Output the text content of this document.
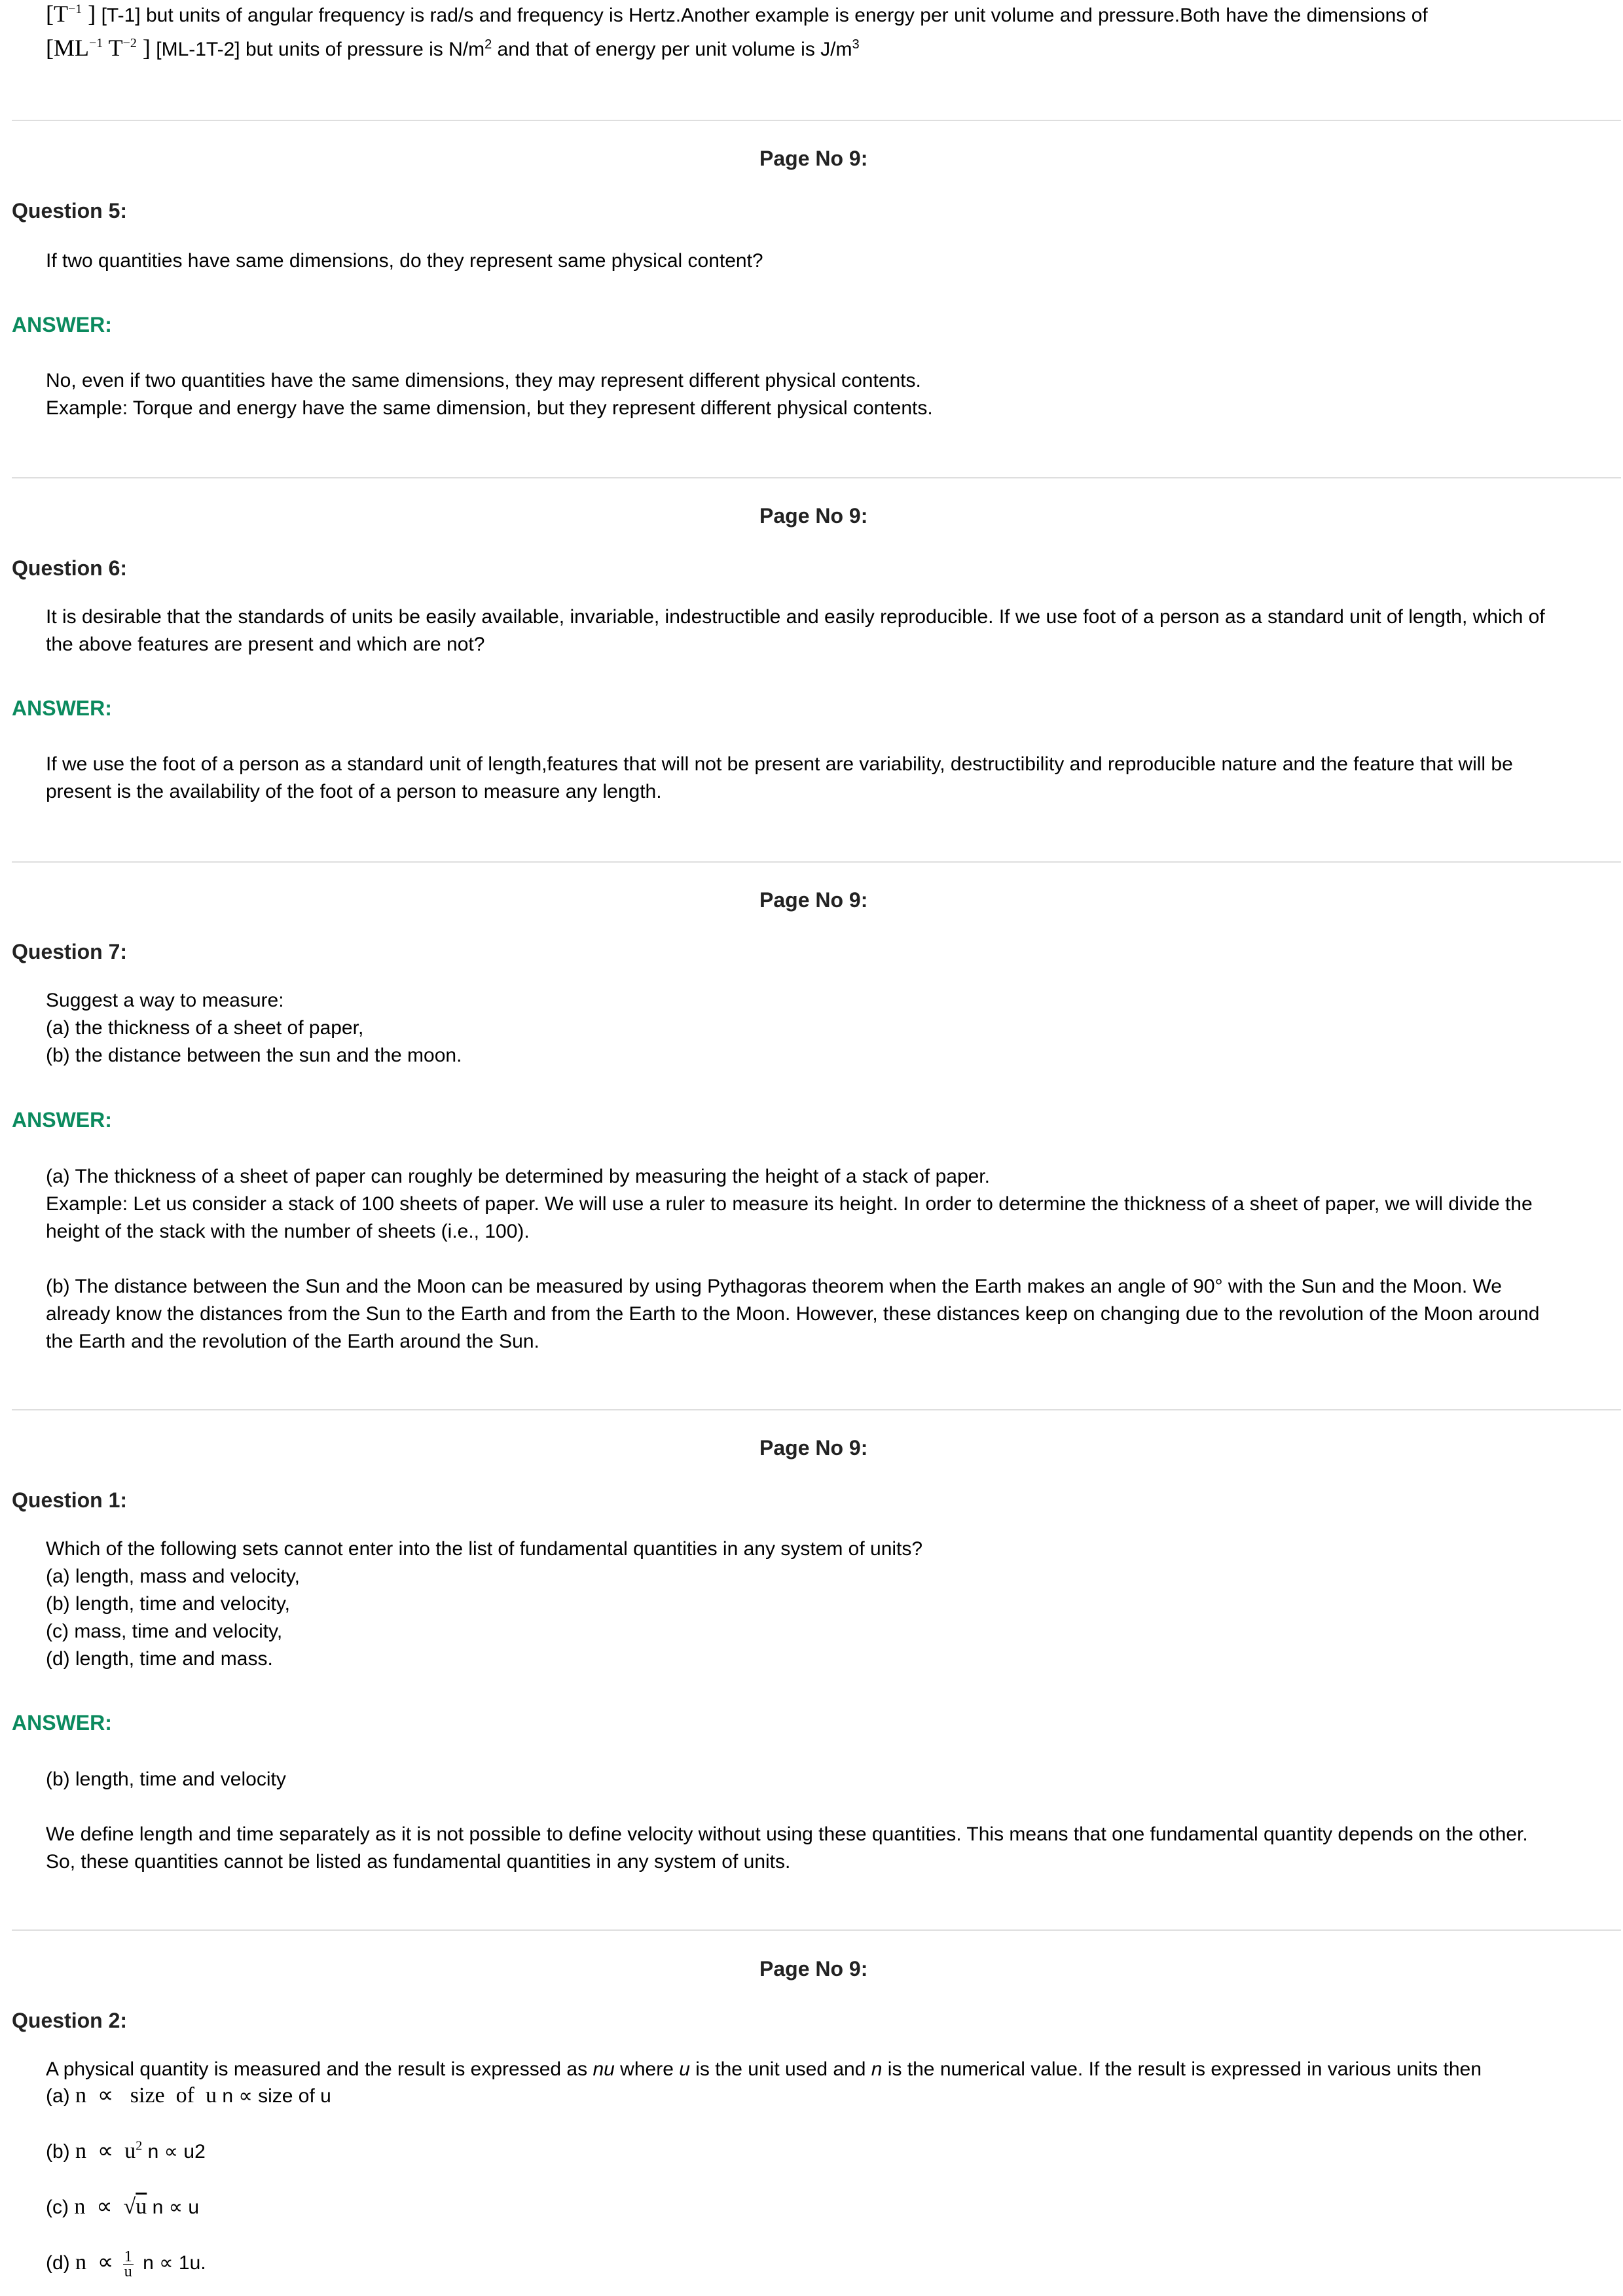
[$T^{-1}$ ] [T-1] but units of angular frequency is rad/s and frequency is Hertz.Another example is energy per unit volume and pressure.Both have the dimensions of
[$ML^{-1}$ $T^{-2}$ ] [ML-1T-2] but units of pressure is $N/m^2$ and that of energy per unit volume is $J/m^3$
Page No 9:
Question 5:
If two quantities have same dimensions, do they represent same physical content?
ANSWER:
No, even if two quantities have the same dimensions, they may represent different physical contents.
Example: Torque and energy have the same dimension, but they represent different physical contents.
Page No 9:
Question 6:
It is desirable that the standards of units be easily available, invariable, indestructible and easily reproducible. If we use foot of a person as a standard unit of length, which of
the above features are present and which are not?
ANSWER:
If we use the foot of a person as a standard unit of length,features that will not be present are variability, destructibility and reproducible nature and the feature that will be
present is the availability of the foot of a person to measure any length.
Page No 9:
Question 7:
Suggest a way to measure:
(a) the thickness of a sheet of paper,
(b) the distance between the sun and the moon.
ANSWER:
(a) The thickness of a sheet of paper can roughly be determined by measuring the height of a stack of paper.
Example: Let us consider a stack of 100 sheets of paper. We will use a ruler to measure its height. In order to determine the thickness of a sheet of paper, we will divide the
height of the stack with the number of sheets (i.e., 100).
(b) The distance between the Sun and the Moon can be measured by using Pythagoras theorem when the Earth makes an angle of 90° with the Sun and the Moon. We
already know the distances from the Sun to the Earth and from the Earth to the Moon. However, these distances keep on changing due to the revolution of the Moon around
the Earth and the revolution of the Earth around the Sun.
Page No 9:
Question 1:
Which of the following sets cannot enter into the list of fundamental quantities in any system of units?
(a) length, mass and velocity,
(b) length, time and velocity,
(c) mass, time and velocity,
(d) length, time and mass.
ANSWER:
(b) length, time and velocity
We define length and time separately as it is not possible to define velocity without using these quantities. This means that one fundamental quantity depends on the other.
So, these quantities cannot be listed as fundamental quantities in any system of units.
Page No 9:
Question 2:
A physical quantity is measured and the result is expressed as nu where u is the unit used and n is the numerical value. If the result is expressed in various units then
(a) n  ∝   size  of  u n ∝ size of u
(b) $n \propto u^2$ n ∝ u2
(c) n  ∝  √u n ∝ u
(d) $n \propto \frac{1}{u}$ n ∝ 1u.
